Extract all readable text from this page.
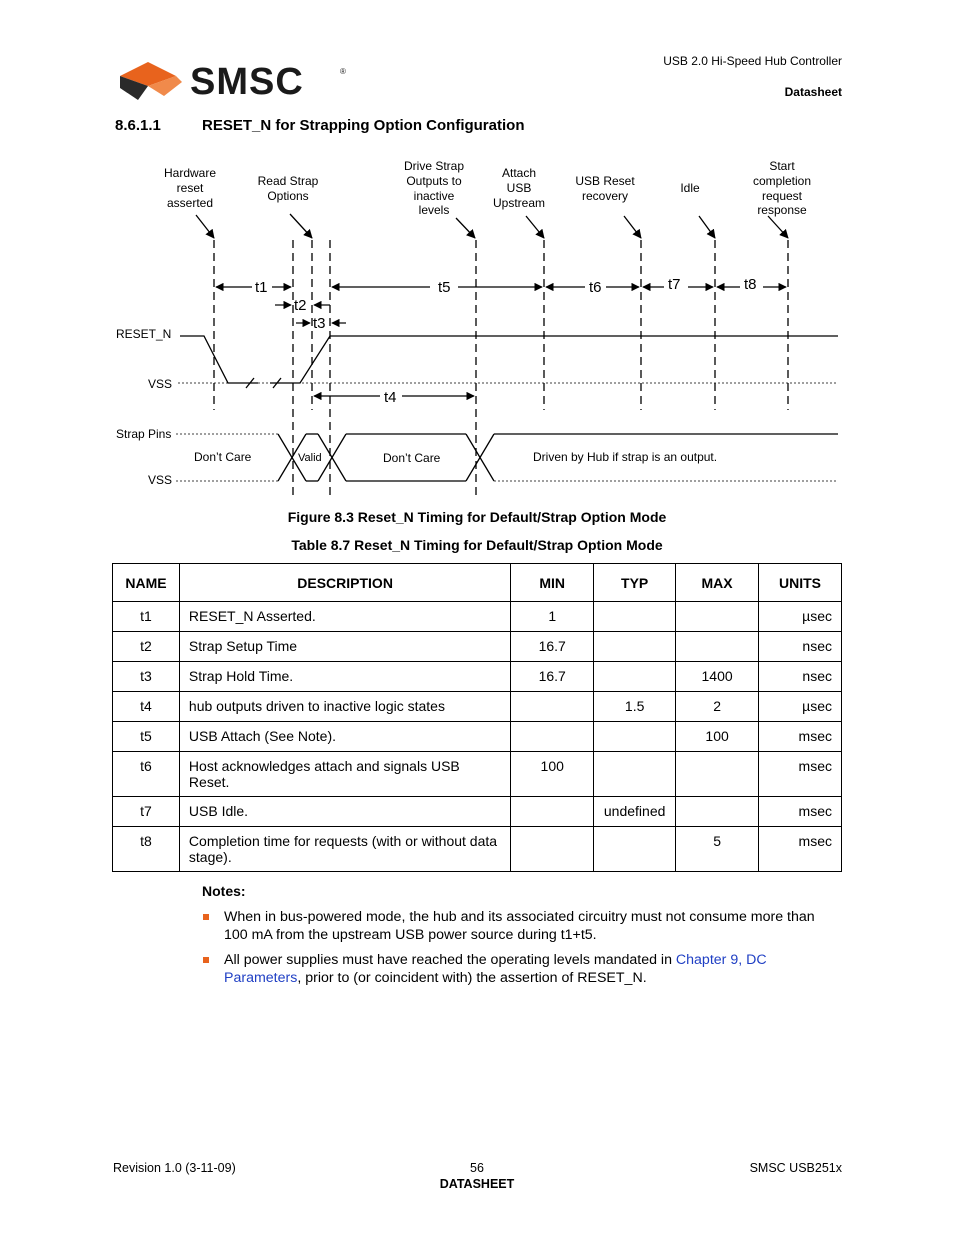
SMSC	®
USB 2.0 Hi-Speed Hub Controller
Datasheet
8.6.1.1	RESET_N for Strapping Option Configuration
Hardware reset asserted
Read Strap Options
Drive Strap Outputs to inactive levels
Attach USB Upstream
USB Reset recovery
Idle
Start completion request response
t1
t2
t3
t4
t5	t6	t7	t8
RESET_N
VSS
Strap Pins
VSS
Don’t Care	Valid	Don’t Care	Driven by Hub if strap is an output.
Figure 8.3 Reset_N Timing for Default/Strap Option Mode
Table 8.7 Reset_N Timing for Default/Strap Option Mode
NAME	DESCRIPTION	MIN	TYP	MAX	UNITS
t1	RESET_N Asserted.	1			µsec
t2	Strap Setup Time	16.7			nsec
t3	Strap Hold Time.	16.7		1400	nsec
t4	hub outputs driven to inactive logic states		1.5	2	µsec
t5	USB Attach (See Note).			100	msec
t6	Host acknowledges attach and signals USB Reset.	100			msec
t7	USB Idle.		undefined		msec
t8	Completion time for requests (with or without data stage).			5	msec
Notes:
When in bus-powered mode, the hub and its associated circuitry must not consume more than 100 mA from the upstream USB power source during t1+t5.
All power supplies must have reached the operating levels mandated in Chapter 9, DC Parameters, prior to (or coincident with) the assertion of RESET_N.
Revision 1.0 (3-11-09)	56	SMSC USB251x
DATASHEET
